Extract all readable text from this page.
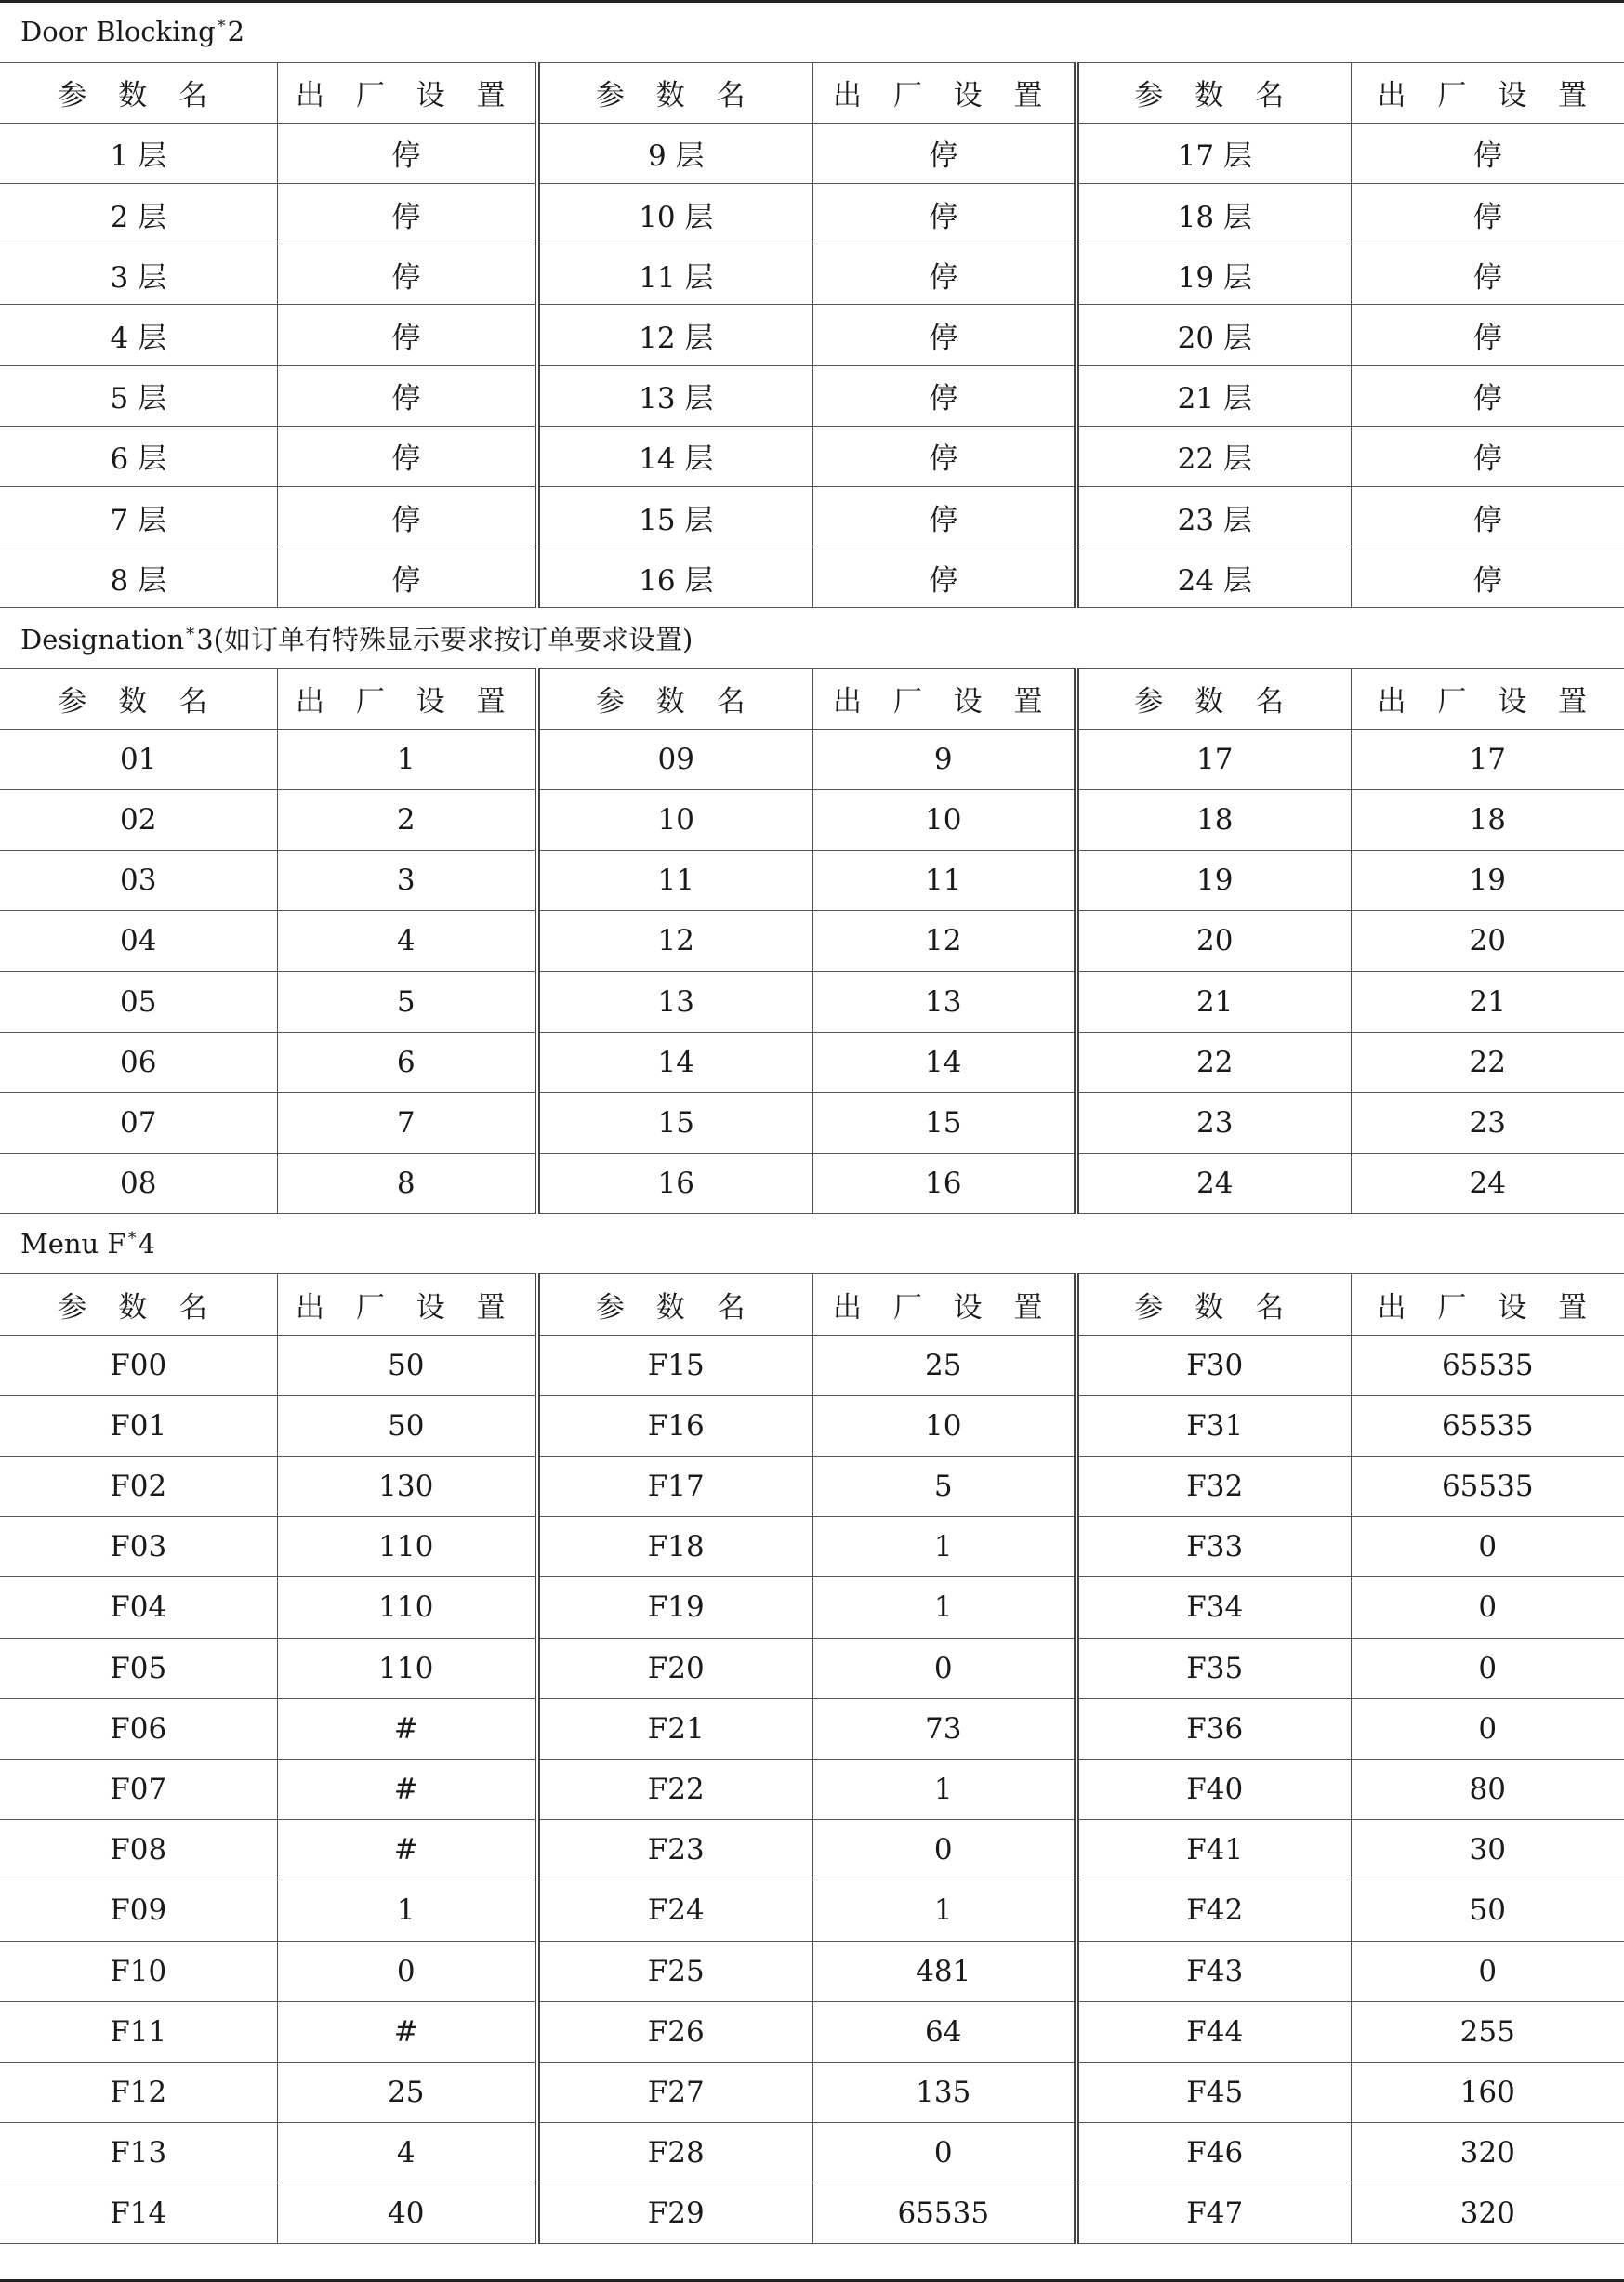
Door Blocking *2					
参 数 名	出 厂 设 置	参 数 名	出 厂 设 置	参 数 名	出 厂 设 置
1 层	停	9 层	停	17 层	停
2 层	停	10 层	停	18 层	停
3 层	停	11 层	停	19 层	停
4 层	停	12 层	停	20 层	停
5 层	停	13 层	停	21 层	停
6 层	停	14 层	停	22 层	停
7 层	停	15 层	停	23 层	停
8 层	停	16 层	停	24 层	停
Designation *3(如订单有特殊显示要求按订单要求设置)					
参 数 名	出 厂 设 置	参 数 名	出 厂 设 置	参 数 名	出 厂 设 置
01	1	09	9	17	17
02	2	10	10	18	18
03	3	11	11	19	19
04	4	12	12	20	20
05	5	13	13	21	21
06	6	14	14	22	22
07	7	15	15	23	23
08	8	16	16	24	24
Menu F *4					
参 数 名	出 厂 设 置	参 数 名	出 厂 设 置	参 数 名	出 厂 设 置
F00	50	F15	25	F30	65535
F01	50	F16	10	F31	65535
F02	130	F17	5	F32	65535
F03	110	F18	1	F33	0
F04	110	F19	1	F34	0
F05	110	F20	0	F35	0
F06	#	F21	73	F36	0
F07	#	F22	1	F40	80
F08	#	F23	0	F41	30
F09	1	F24	1	F42	50
F10	0	F25	481	F43	0
F11	#	F26	64	F44	255
F12	25	F27	135	F45	160
F13	4	F28	0	F46	320
F14	40	F29	65535	F47	320
